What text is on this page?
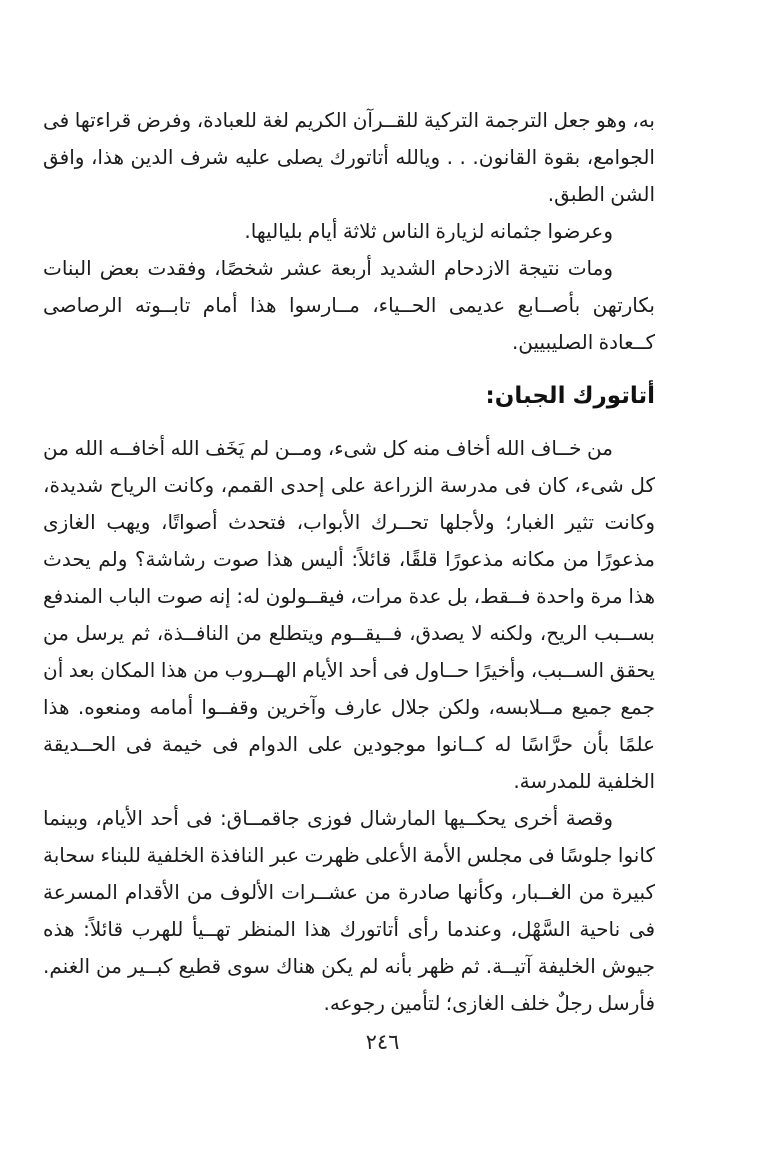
به، وهو جعل الترجمة التركية للقــرآن الكريم لغة للعبادة، وفرض قراءتها فى الجوامع، بقوة القانون. . . ويالله أتاتورك يصلى عليه شرف الدين هذا، وافق الشن الطبق.

وعرضوا جثمانه لزيارة الناس ثلاثة أيام بلياليها.

ومات نتيجة الازدحام الشديد أربعة عشر شخصًا، وفقدت بعض البنات بكارتهن بأصــابع عديمى الحــياء، مــارسوا هذا أمام تابــوته الرصاصى كــعادة الصليبيين.

أتاتورك الجبان:

من خــاف الله أخاف منه كل شىء، ومــن لم يَخَف الله أخافــه الله من كل شىء، كان فى مدرسة الزراعة على إحدى القمم، وكانت الرياح شديدة، وكانت تثير الغبار؛ ولأجلها تحــرك الأبواب، فتحدث أصواتًا، ويهب الغازى مذعورًا من مكانه مذعورًا قلقًا، قائلاً: أليس هذا صوت رشاشة؟ ولم يحدث هذا مرة واحدة فــقط، بل عدة مرات، فيقــولون له: إنه صوت الباب المندفع بســبب الريح، ولكنه لا يصدق، فــيقــوم ويتطلع من النافــذة، ثم يرسل من يحقق الســبب، وأخيرًا حــاول فى أحد الأيام الهــروب من هذا المكان بعد أن جمع جميع مــلابسه، ولكن جلال عارف وآخرين وقفــوا أمامه ومنعوه. هذا علمًا بأن حرَّاسًا له كــانوا موجودين على الدوام فى خيمة فى الحــديقة الخلفية للمدرسة.

وقصة أخرى يحكــيها المارشال فوزى جاقمــاق: فى أحد الأيام، وبينما كانوا جلوسًا فى مجلس الأمة الأعلى ظهرت عبر النافذة الخلفية للبناء سحابة كبيرة من الغــبار، وكأنها صادرة من عشــرات الألوف من الأقدام المسرعة فى ناحية السَّهْل، وعندما رأى أتاتورك هذا المنظر تهــيأ للهرب قائلاً: هذه جيوش الخليفة آتيــة. ثم ظهر بأنه لم يكن هناك سوى قطيع كبــير من الغنم. فأرسل رجلٌ خلف الغازى؛ لتأمين رجوعه.

٢٤٦
